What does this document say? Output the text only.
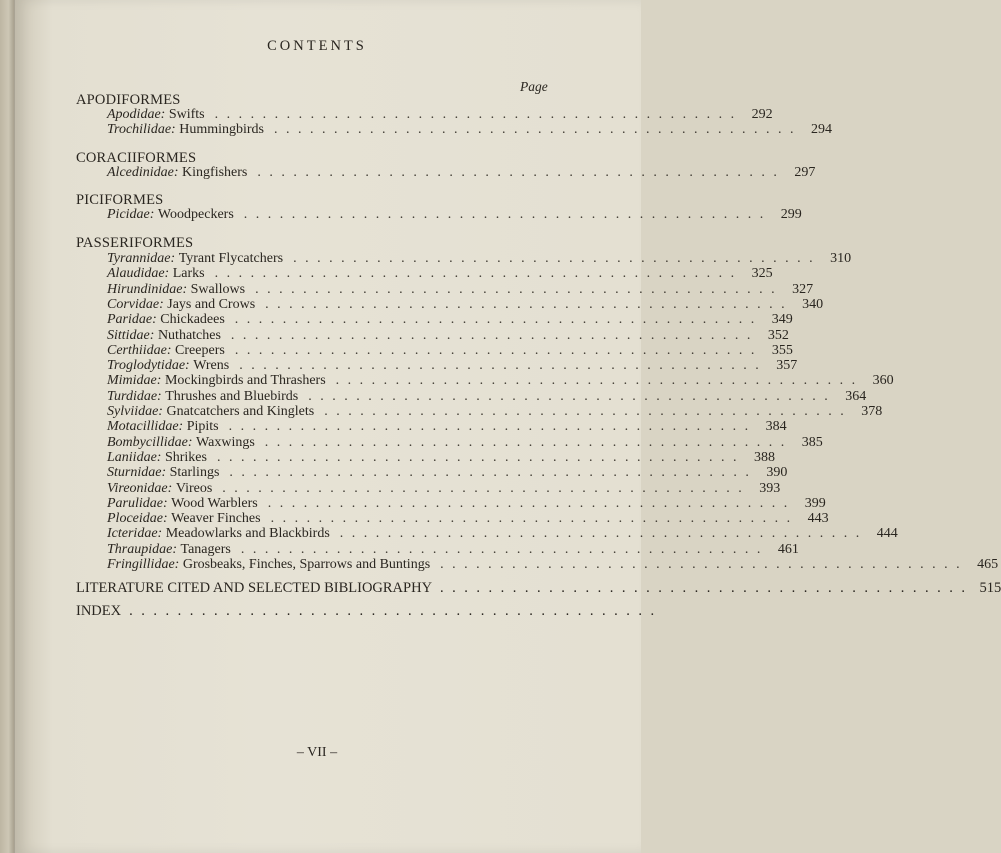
CONTENTS
Page
APODIFORMES
Apodidae:
Swifts ............................................ 292
Trochilidae:
Hummingbirds ............................................ 294
CORACIIFORMES
Alcedinidae:
Kingfishers ............................................ 297
PICIFORMES
Picidae:
Woodpeckers ............................................ 299
PASSERIFORMES
Tyrannidae:
Tyrant Flycatchers ............................................ 310
Alaudidae:
Larks ............................................ 325
Hirundinidae:
Swallows ............................................ 327
Corvidae:
Jays and Crows ............................................ 340
Paridae:
Chickadees ............................................ 349
Sittidae:
Nuthatches ............................................ 352
Certhiidae:
Creepers ............................................ 355
Troglodytidae:
Wrens ............................................ 357
Mimidae:
Mockingbirds and Thrashers ............................................ 360
Turdidae:
Thrushes and Bluebirds ............................................ 364
Sylviidae:
Gnatcatchers and Kinglets ............................................ 378
Motacillidae:
Pipits ............................................ 384
Bombycillidae:
Waxwings ............................................ 385
Laniidae:
Shrikes ............................................ 388
Sturnidae:
Starlings ............................................ 390
Vireonidae:
Vireos ............................................ 393
Parulidae:
Wood Warblers ............................................ 399
Ploceidae:
Weaver Finches ............................................ 443
Icteridae:
Meadowlarks and Blackbirds ............................................ 444
Thraupidae:
Tanagers ............................................ 461
Fringillidae:
Grosbeaks, Finches, Sparrows and Buntings ............................................ 465
LITERATURE CITED AND SELECTED BIBLIOGRAPHY ............................................ 515
INDEX ............................................
– VII –
